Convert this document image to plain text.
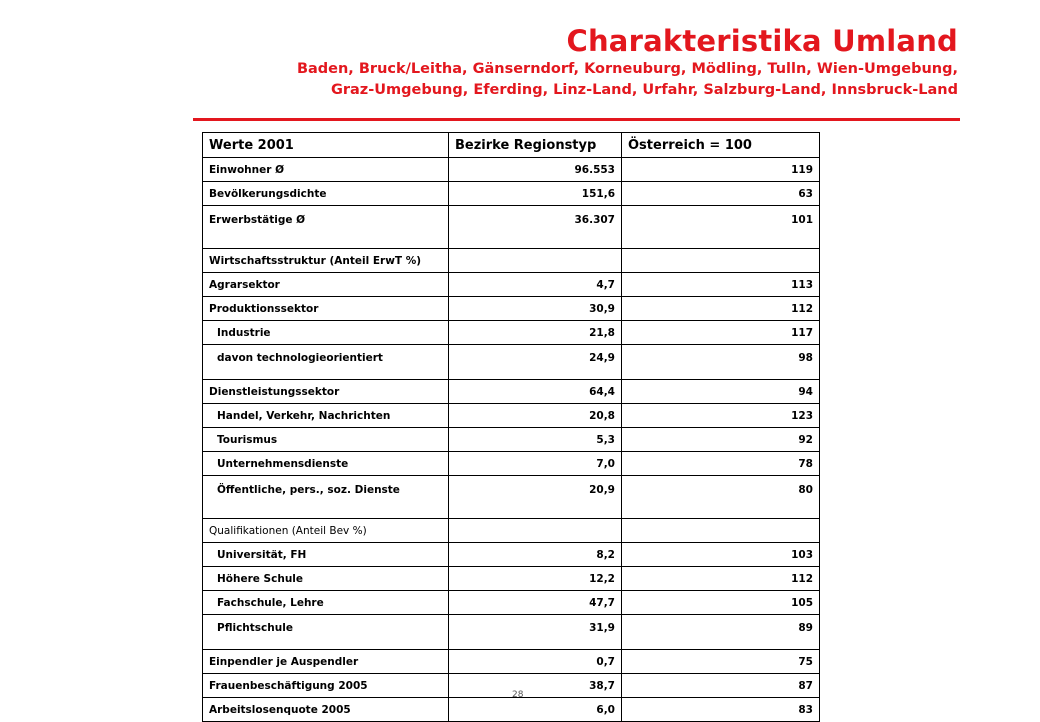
Charakteristika Umland
Baden, Bruck/Leitha, Gänserndorf, Korneuburg, Mödling, Tulln, Wien-Umgebung,
Graz-Umgebung, Eferding, Linz-Land, Urfahr, Salzburg-Land, Innsbruck-Land
Werte 2001	Bezirke Regionstyp	Österreich = 100
Einwohner Ø	96.553	119
Bevölkerungsdichte	151,6	63
Erwerbstätige Ø	36.307	101
Wirtschaftsstruktur (Anteil ErwT %)		
Agrarsektor	4,7	113
Produktionssektor	30,9	112
Industrie	21,8	117
davon technologieorientiert	24,9	98
Dienstleistungssektor	64,4	94
Handel, Verkehr, Nachrichten	20,8	123
Tourismus	5,3	92
Unternehmensdienste	7,0	78
Öffentliche, pers., soz. Dienste	20,9	80
Qualifikationen (Anteil Bev %)		
Universität, FH	8,2	103
Höhere Schule	12,2	112
Fachschule, Lehre	47,7	105
Pflichtschule	31,9	89
Einpendler je Auspendler	0,7	75
Frauenbeschäftigung 2005	38,7	87
Arbeitslosenquote 2005	6,0	83
28
